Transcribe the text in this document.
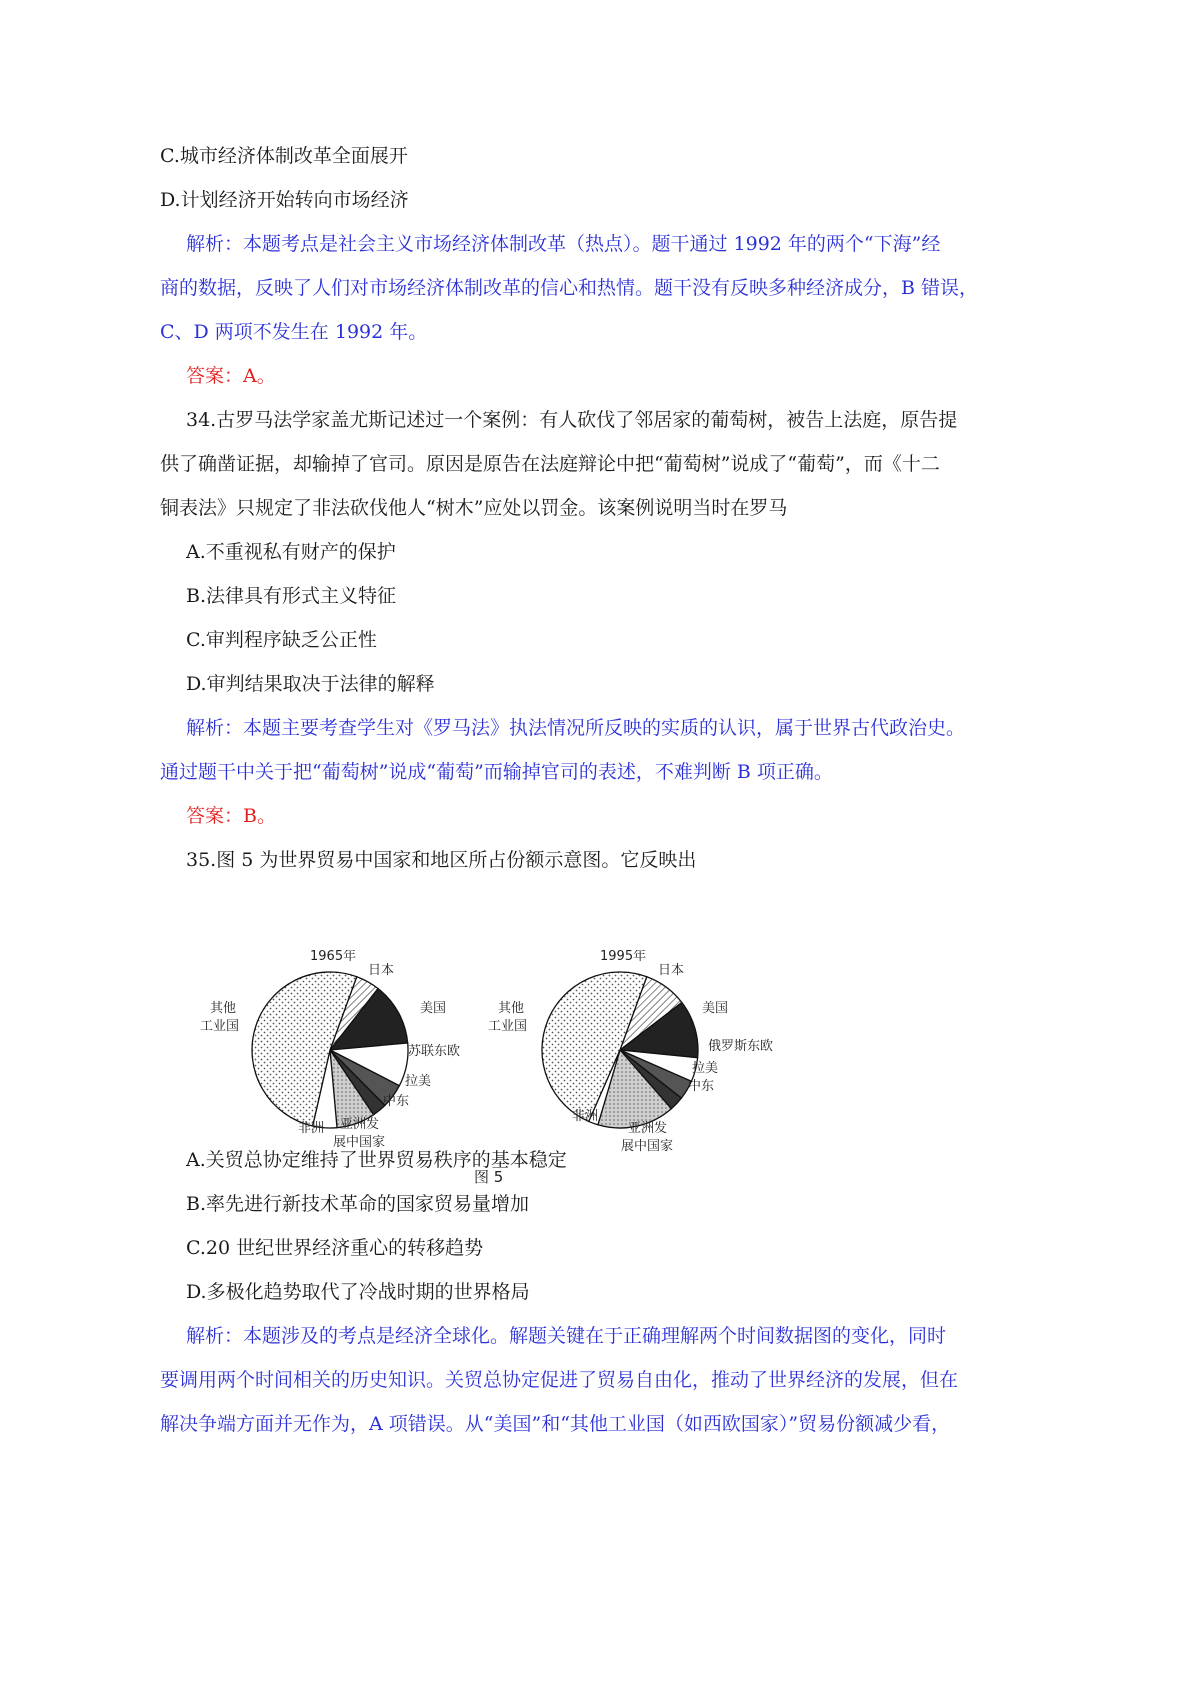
C.城市经济体制改革全面展开
D.计划经济开始转向市场经济
解析：本题考点是社会主义市场经济体制改革（热点）。题干通过 1992 年的两个“下海”经
商的数据，反映了人们对市场经济体制改革的信心和热情。题干没有反映多种经济成分，B 错误，
C、D 两项不发生在 1992 年。
答案：A。
34.古罗马法学家盖尤斯记述过一个案例：有人砍伐了邻居家的葡萄树，被告上法庭，原告提
供了确凿证据，却输掉了官司。原因是原告在法庭辩论中把“葡萄树”说成了“葡萄”，而《十二
铜表法》只规定了非法砍伐他人“树木”应处以罚金。该案例说明当时在罗马
A.不重视私有财产的保护
B.法律具有形式主义特征
C.审判程序缺乏公正性
D.审判结果取决于法律的解释
解析：本题主要考查学生对《罗马法》执法情况所反映的实质的认识，属于世界古代政治史。
通过题干中关于把“葡萄树”说成“葡萄”而输掉官司的表述，不难判断 B 项正确。
答案：B。
35.图 5 为世界贸易中国家和地区所占份额示意图。它反映出
1965年
日本
美国
苏联东欧
拉美
中东
亚洲发
展中国家
非洲
其他
工业国
1995年
日本
美国
俄罗斯东欧
拉美
中东
亚洲发
展中国家
非洲
其他
工业国
图 5
A.关贸总协定维持了世界贸易秩序的基本稳定
B.率先进行新技术革命的国家贸易量增加
C.20 世纪世界经济重心的转移趋势
D.多极化趋势取代了冷战时期的世界格局
解析：本题涉及的考点是经济全球化。解题关键在于正确理解两个时间数据图的变化，同时
要调用两个时间相关的历史知识。关贸总协定促进了贸易自由化，推动了世界经济的发展，但在
解决争端方面并无作为，A 项错误。从“美国”和“其他工业国（如西欧国家）”贸易份额减少看，
